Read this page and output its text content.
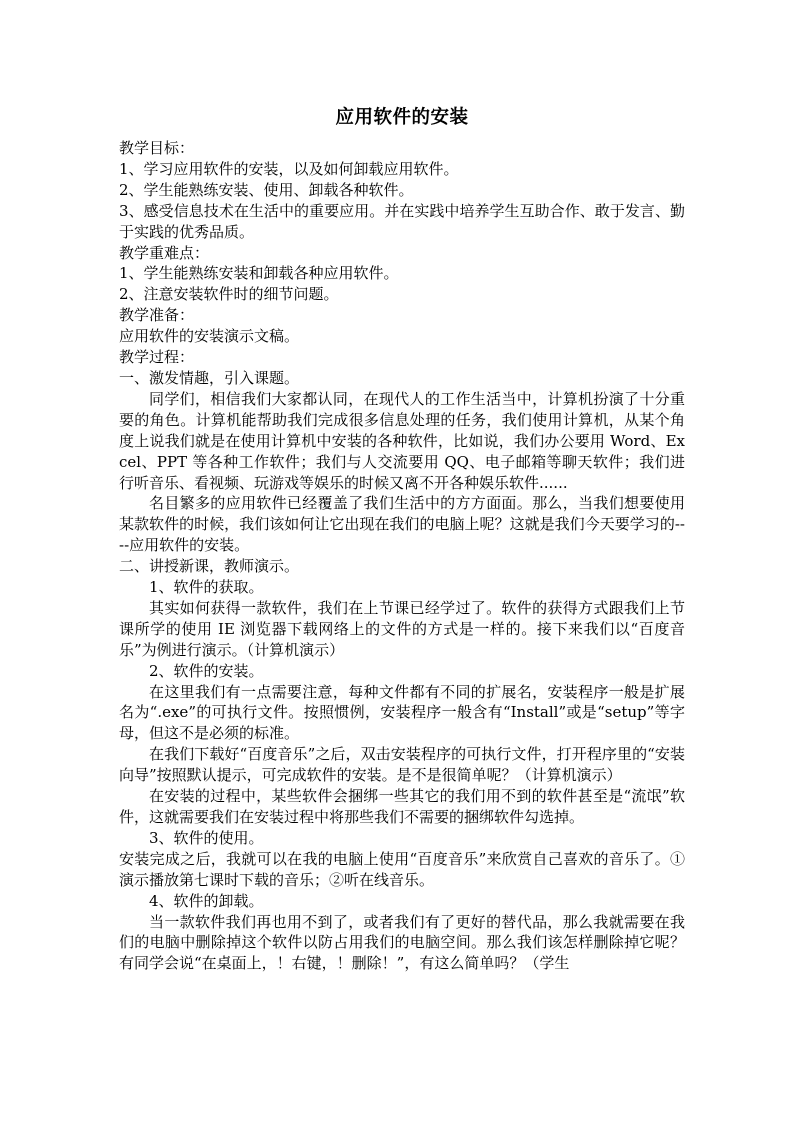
应用软件的安装

教学目标：

1、学习应用软件的安装，以及如何卸载应用软件。

2、学生能熟练安装、使用、卸载各种软件。

3、感受信息技术在生活中的重要应用。并在实践中培养学生互助合作、敢于发言、勤于实践的优秀品质。

教学重难点：

1、学生能熟练安装和卸载各种应用软件。

2、注意安装软件时的细节问题。

教学准备：

应用软件的安装演示文稿。

教学过程：

一、激发情趣，引入课题。

同学们，相信我们大家都认同，在现代人的工作生活当中，计算机扮演了十分重要的角色。计算机能帮助我们完成很多信息处理的任务，我们使用计算机，从某个角度上说我们就是在使用计算机中安装的各种软件，比如说，我们办公要用 Word、Excel、PPT 等各种工作软件；我们与人交流要用 QQ、电子邮箱等聊天软件；我们进行听音乐、看视频、玩游戏等娱乐的时候又离不开各种娱乐软件......

名目繁多的应用软件已经覆盖了我们生活中的方方面面。那么，当我们想要使用某款软件的时候，我们该如何让它出现在我们的电脑上呢？这就是我们今天要学习的----应用软件的安装。

二、讲授新课，教师演示。

1、软件的获取。

其实如何获得一款软件，我们在上节课已经学过了。软件的获得方式跟我们上节课所学的使用 IE 浏览器下载网络上的文件的方式是一样的。接下来我们以“百度音乐”为例进行演示。（计算机演示）

2、软件的安装。

在这里我们有一点需要注意，每种文件都有不同的扩展名，安装程序一般是扩展名为“.exe”的可执行文件。按照惯例，安装程序一般含有“Install”或是“setup”等字母，但这不是必须的标准。

在我们下载好“百度音乐”之后，双击安装程序的可执行文件，打开程序里的“安装向导”按照默认提示，可完成软件的安装。是不是很简单呢？（计算机演示）

在安装的过程中，某些软件会捆绑一些其它的我们用不到的软件甚至是“流氓”软件，这就需要我们在安装过程中将那些我们不需要的捆绑软件勾选掉。

3、软件的使用。

安装完成之后，我就可以在我的电脑上使用“百度音乐”来欣赏自己喜欢的音乐了。①演示播放第七课时下载的音乐；②听在线音乐。

4、软件的卸载。

当一款软件我们再也用不到了，或者我们有了更好的替代品，那么我就需要在我们的电脑中删除掉这个软件以防占用我们的电脑空间。那么我们该怎样删除掉它呢？有同学会说“在桌面上，！右键，！删除！”，有这么简单吗？（学生
